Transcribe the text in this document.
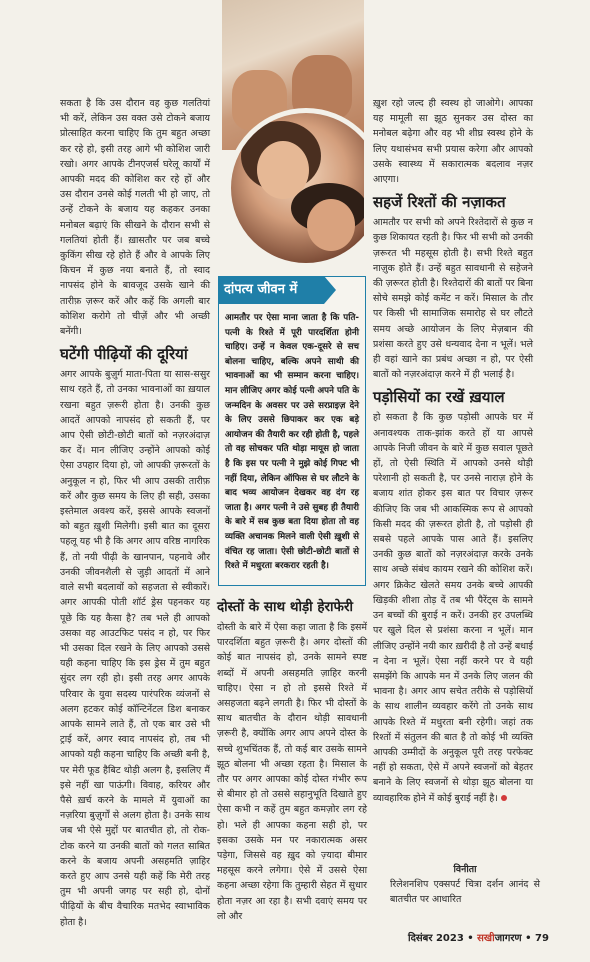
सकता है कि उस दौरान वह कुछ गलतियां भी करें, लेकिन उस वक्त उसे टोकने बजाय प्रोत्साहित करना चाहिए कि तुम बहुत अच्छा कर रहे हो, इसी तरह आगे भी कोशिश जारी रखो। अगर आपके टीनएजर्स घरेलू कार्यों में आपकी मदद की कोशिश कर रहे हों और उस दौरान उनसे कोई गलती भी हो जाए, तो उन्हें टोकने के बजाय यह कहकर उनका मनोबल बढ़ाएं कि सीखने के दौरान सभी से गलतियां होती हैं। ख़ासतौर पर जब बच्चे कुकिंग सीख रहे होते हैं और वे आपके लिए किचन में कुछ नया बनाते हैं, तो स्वाद नापसंद होने के बावजूद उसके खाने की तारीफ़ ज़रूर करें और कहें कि अगली बार कोशिश करोगे तो चीज़ें और भी अच्छी बनेंगी।

घटेंगी पीढ़ियों की दूरियां

अगर आपके बुज़ुर्ग माता-पिता या सास-ससुर साथ रहते हैं, तो उनका भावनाओं का ख़याल रखना बहुत ज़रूरी होता है। उनकी कुछ आदतें आपको नापसंद हो सकती हैं, पर आप ऐसी छोटी-छोटी बातों को नज़रअंदाज़ कर दें। मान लीजिए उन्होंने आपको कोई ऐसा उपहार दिया हो, जो आपकी ज़रूरतों के अनुकूल न हो, फिर भी आप उसकी तारीफ़ करें और कुछ समय के लिए ही सही, उसका इस्तेमाल अवश्य करें, इससे आपके स्वजनों को बहुत ख़ुशी मिलेगी। इसी बात का दूसरा पहलू यह भी है कि अगर आप वरिष्ठ नागरिक हैं, तो नयी पीढ़ी के खानपान, पहनावे और उनकी जीवनशैली से जुड़ी आदतों में आने वाले सभी बदलावों को सहजता से स्वीकारें। अगर आपकी पोती शॉर्ट ड्रेस पहनकर यह पूछे कि यह कैसा है? तब भले ही आपको उसका वह आउटफिट पसंद न हो, पर फिर भी उसका दिल रखने के लिए आपको उससे यही कहना चाहिए कि इस ड्रेस में तुम बहुत सुंदर लग रही हो। इसी तरह अगर आपके परिवार के युवा सदस्य पारंपरिक व्यंजनों से अलग हटकर कोई कॉन्टिनेंटल डिश बनाकर आपके सामने लाते हैं, तो एक बार उसे भी ट्राई करें, अगर स्वाद नापसंद हो, तब भी आपको यही कहना चाहिए कि अच्छी बनी है, पर मेरी फूड हैबिट थोड़ी अलग है, इसलिए मैं इसे नहीं खा पाऊंगी। विवाह, करियर और पैसे ख़र्च करने के मामले में युवाओं का नज़रिया बुज़ुर्गों से अलग होता है। उनके साथ जब भी ऐसे मुद्दों पर बातचीत हो, तो रोक-टोक करने या उनकी बातों को गलत साबित करने के बजाय अपनी असहमति ज़ाहिर करते हुए आप उनसे यही कहें कि मेरी तरह तुम भी अपनी जगह पर सही हो, दोनों पीढ़ियों के बीच वैचारिक मतभेद स्वाभाविक होता है।

दांपत्य जीवन में
आमतौर पर ऐसा माना जाता है कि पति-पत्नी के रिश्ते में पूरी पारदर्शिता होनी चाहिए। उन्हें न केवल एक-दूसरे से सच बोलना चाहिए, बल्कि अपने साथी की भावनाओं का भी सम्मान करना चाहिए। मान लीजिए अगर कोई पत्नी अपने पति के जन्मदिन के अवसर पर उसे सरप्राइज़ देने के लिए उससे छिपाकर कर एक बड़े आयोजन की तैयारी कर रही होती है, पहले तो वह सोचकर पति थोड़ा मायूस हो जाता है कि इस पर पत्नी ने मुझे कोई गिफ्ट भी नहीं दिया, लेकिन ऑफिस से घर लौटने के बाद भव्य आयोजन देखकर वह दंग रह जाता है। अगर पत्नी ने उसे सुबह ही तैयारी के बारे में सब कुछ बता दिया होता तो वह व्यक्ति अचानक मिलने वाली ऐसी ख़ुशी से वंचित रह जाता। ऐसी छोटी-छोटी बातों से रिश्ते में मधुरता बरकरार रहती है।
दोस्तों के साथ थोड़ी हेराफेरी

दोस्ती के बारे में ऐसा कहा जाता है कि इसमें पारदर्शिता बहुत ज़रूरी है। अगर दोस्तों की कोई बात नापसंद हो, उनके सामने स्पष्ट शब्दों में अपनी असहमति ज़ाहिर करनी चाहिए। ऐसा न हो तो इससे रिश्ते में असहजता बढ़ने लगती है। फिर भी दोस्तों के साथ बातचीत के दौरान थोड़ी सावधानी ज़रूरी है, क्योंकि अगर आप अपने दोस्त के सच्चे शुभचिंतक हैं, तो कई बार उसके सामने झूठ बोलना भी अच्छा रहता है। मिसाल के तौर पर अगर आपका कोई दोस्त गंभीर रूप से बीमार हो तो उससे सहानुभूति दिखाते हुए ऐसा कभी न कहें तुम बहुत कमज़ोर लग रहे हो। भले ही आपका कहना सही हो, पर इसका उसके मन पर नकारात्मक असर पड़ेगा, जिससे वह ख़ुद को ज़्यादा बीमार महसूस करने लगेगा। ऐसे में उससे ऐसा कहना अच्छा रहेगा कि तुम्हारी सेहत में सुधार होता नज़र आ रहा है। सभी दवाएं समय पर लो और

ख़ुश रहो जल्द ही स्वस्थ हो जाओगे। आपका यह मामूली सा झूठ सुनकर उस दोस्त का मनोबल बढ़ेगा और वह भी शीघ्र स्वस्थ होने के लिए यथासंभव सभी प्रयास करेगा और आपको उसके स्वास्थ्य में सकारात्मक बदलाव नज़र आएगा।

सहजें रिश्तों की नज़ाकत

आमतौर पर सभी को अपने रिश्तेदारों से कुछ न कुछ शिकायत रहती है। फिर भी सभी को उनकी ज़रूरत भी महसूस होती है। सभी रिश्ते बहुत नाज़ुक होते हैं। उन्हें बहुत सावधानी से सहेजने की ज़रूरत होती है। रिश्तेदारों की बातों पर बिना सोचे समझे कोई कमेंट न करें। मिसाल के तौर पर किसी भी सामाजिक समारोह से घर लौटते समय अच्छे आयोजन के लिए मेज़बान की प्रशंसा करते हुए उसे धन्यवाद देना न भूलें। भले ही वहां खाने का प्रबंध अच्छा न हो, पर ऐसी बातों को नज़रअंदाज़ करने में ही भलाई है।

पड़ोसियों का रखें ख़याल

हो सकता है कि कुछ पड़ोसी आपके घर में अनावश्यक ताक-झांक करते हों या आपसे आपके निजी जीवन के बारे में कुछ सवाल पूछते हों, तो ऐसी स्थिति में आपको उनसे थोड़ी परेशानी हो सकती है, पर उनसे नाराज़ होने के बजाय शांत होकर इस बात पर विचार ज़रूर कीजिए कि जब भी आकस्मिक रूप से आपको किसी मदद की ज़रूरत होती है, तो पड़ोसी ही सबसे पहले आपके पास आते हैं। इसलिए उनकी कुछ बातों को नज़रअंदाज़ करके उनके साथ अच्छे संबंध कायम रखने की कोशिश करें। अगर क्रिकेट खेलते समय उनके बच्चे आपकी खिड़की शीशा तोड़ दें तब भी पैरेंट्स के सामने उन बच्चों की बुराई न करें। उनकी हर उपलब्धि पर खुले दिल से प्रशंसा करना न भूलें। मान लीजिए उन्होंने नयी कार ख़रीदी है तो उन्हें बधाई न देना न भूलें। ऐसा नहीं करने पर वे यही समझेंगे कि आपके मन में उनके लिए जलन की भावना है। अगर आप सचेत तरीके से पड़ोसियों के साथ शालीन व्यवहार करेंगे तो उनके साथ आपके रिश्ते में मधुरता बनी रहेगी। जहां तक रिश्तों में संतुलन की बात है तो कोई भी व्यक्ति आपकी उम्मीदों के अनुकूल पूरी तरह परफेक्ट नहीं हो सकता, ऐसे में अपने स्वजनों को बेहतर बनाने के लिए स्वजनों से थोड़ा झूठ बोलना या व्यावहारिक होने में कोई बुराई नहीं है।

विनीता
रिलेशनशिप एक्सपर्ट चित्रा दर्शन आनंद से बातचीत पर आधारित
दिसंबर 2023 • सखीजागरण • 79
